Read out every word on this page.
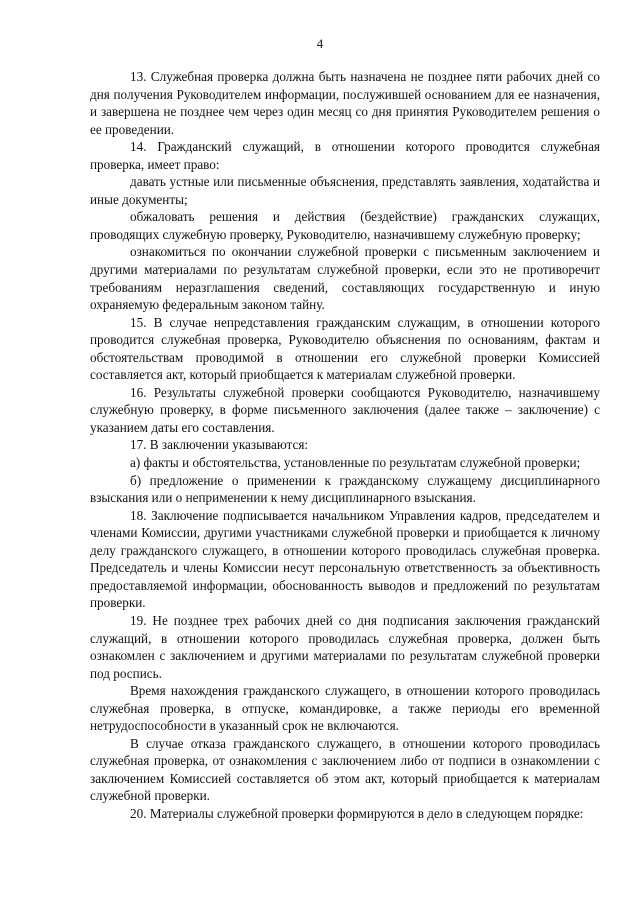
4

13. Служебная проверка должна быть назначена не позднее пяти рабочих дней со дня получения Руководителем информации, послужившей основанием для ее назначения, и завершена не позднее чем через один месяц со дня принятия Руководителем решения о ее проведении.

14. Гражданский служащий, в отношении которого проводится служебная проверка, имеет право:

давать устные или письменные объяснения, представлять заявления, ходатайства и иные документы;

обжаловать решения и действия (бездействие) гражданских служащих, проводящих служебную проверку, Руководителю, назначившему служебную проверку;

ознакомиться по окончании служебной проверки с письменным заключением и другими материалами по результатам служебной проверки, если это не противоречит требованиям неразглашения сведений, составляющих государственную и иную охраняемую федеральным законом тайну.

15. В случае непредставления гражданским служащим, в отношении которого проводится служебная проверка, Руководителю объяснения по основаниям, фактам и обстоятельствам проводимой в отношении его служебной проверки Комиссией составляется акт, который приобщается к материалам служебной проверки.

16. Результаты служебной проверки сообщаются Руководителю, назначившему служебную проверку, в форме письменного заключения (далее также – заключение) с указанием даты его составления.

17. В заключении указываются:

а) факты и обстоятельства, установленные по результатам служебной проверки;

б) предложение о применении к гражданскому служащему дисциплинарного взыскания или о неприменении к нему дисциплинарного взыскания.

18. Заключение подписывается начальником Управления кадров, председателем и членами Комиссии, другими участниками служебной проверки и приобщается к личному делу гражданского служащего, в отношении которого проводилась служебная проверка. Председатель и члены Комиссии несут персональную ответственность за объективность предоставляемой информации, обоснованность выводов и предложений по результатам проверки.

19. Не позднее трех рабочих дней со дня подписания заключения гражданский служащий, в отношении которого проводилась служебная проверка, должен быть ознакомлен с заключением и другими материалами по результатам служебной проверки под роспись.

Время нахождения гражданского служащего, в отношении которого проводилась служебная проверка, в отпуске, командировке, а также периоды его временной нетрудоспособности в указанный срок не включаются.

В случае отказа гражданского служащего, в отношении которого проводилась служебная проверка, от ознакомления с заключением либо от подписи в ознакомлении с заключением Комиссией составляется об этом акт, который приобщается к материалам служебной проверки.

20. Материалы служебной проверки формируются в дело в следующем порядке:
